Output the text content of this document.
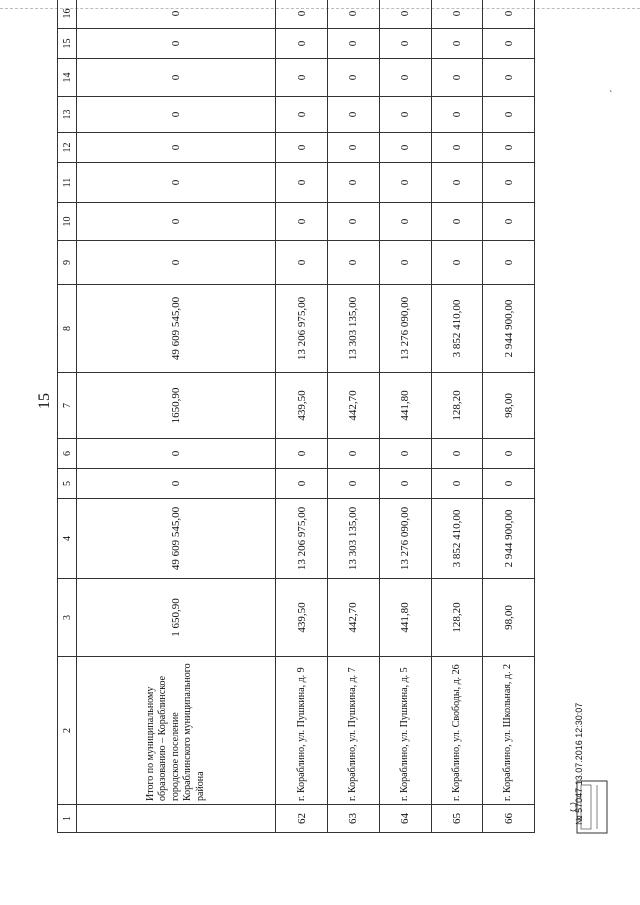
15
ˋ
1	2	3	4	5	6	7	8	9	10	11	12	13	14	15	16
	Итого по муниципальному образованию – Кораблинское городское поселение Кораблинского муниципального района	1 650,90	49 609 545,00	0	0	1650,90	49 609 545,00	0	0	0	0	0	0	0	0
62	г. Кораблино, ул. Пушкина, д. 9	439,50	13 206 975,00	0	0	439,50	13 206 975,00	0	0	0	0	0	0	0	0
63	г. Кораблино, ул. Пушкина, д. 7	442,70	13 303 135,00	0	0	442,70	13 303 135,00	0	0	0	0	0	0	0	0
64	г. Кораблино, ул. Пушкина, д. 5	441,80	13 276 090,00	0	0	441,80	13 276 090,00	0	0	0	0	0	0	0	0
65	г. Кораблино, ул. Свободы, д. 26	128,20	3 852 410,00	0	0	128,20	3 852 410,00	0	0	0	0	0	0	0	0
66	г. Кораблино, ул. Школьная, д. 2	98,00	2 944 900,00	0	0	98,00	2 944 900,00	0	0	0	0	0	0	0	0
№ 57047 13.07.2016 12:30:07
